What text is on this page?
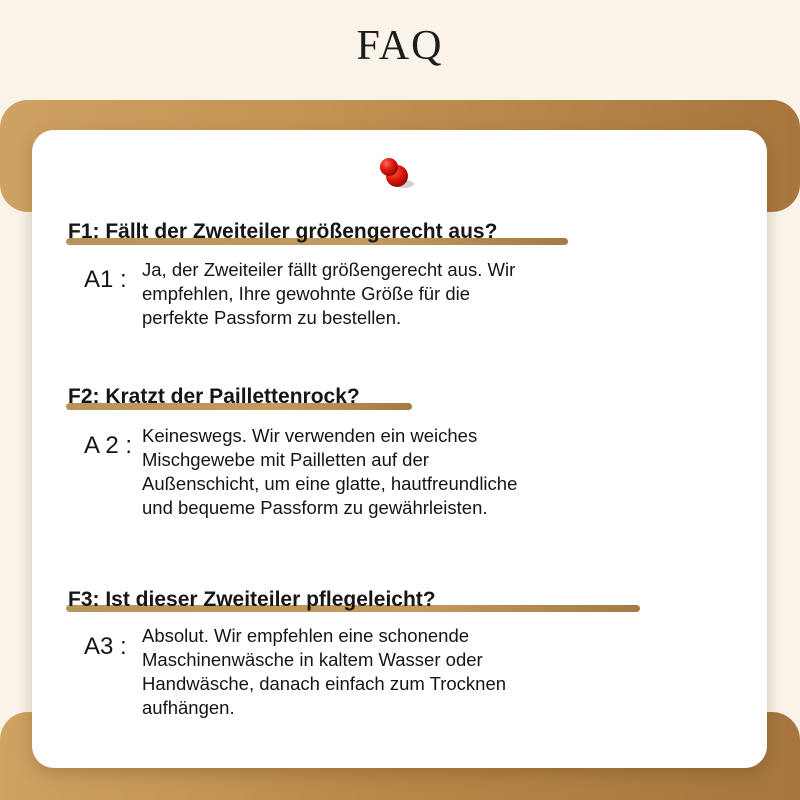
FAQ
F1: Fällt der Zweiteiler größengerecht aus?
A1 : Ja, der Zweiteiler fällt größengerecht aus. Wir
empfehlen, Ihre gewohnte Größe für die
perfekte Passform zu bestellen.
F2: Kratzt der Paillettenrock?
A 2 : Keineswegs. Wir verwenden ein weiches
Mischgewebe mit Pailletten auf der
Außenschicht, um eine glatte, hautfreundliche
und bequeme Passform zu gewährleisten.
F3: Ist dieser Zweiteiler pflegeleicht?
A3 : Absolut. Wir empfehlen eine schonende
Maschinenwäsche in kaltem Wasser oder
Handwäsche, danach einfach zum Trocknen
aufhängen.
